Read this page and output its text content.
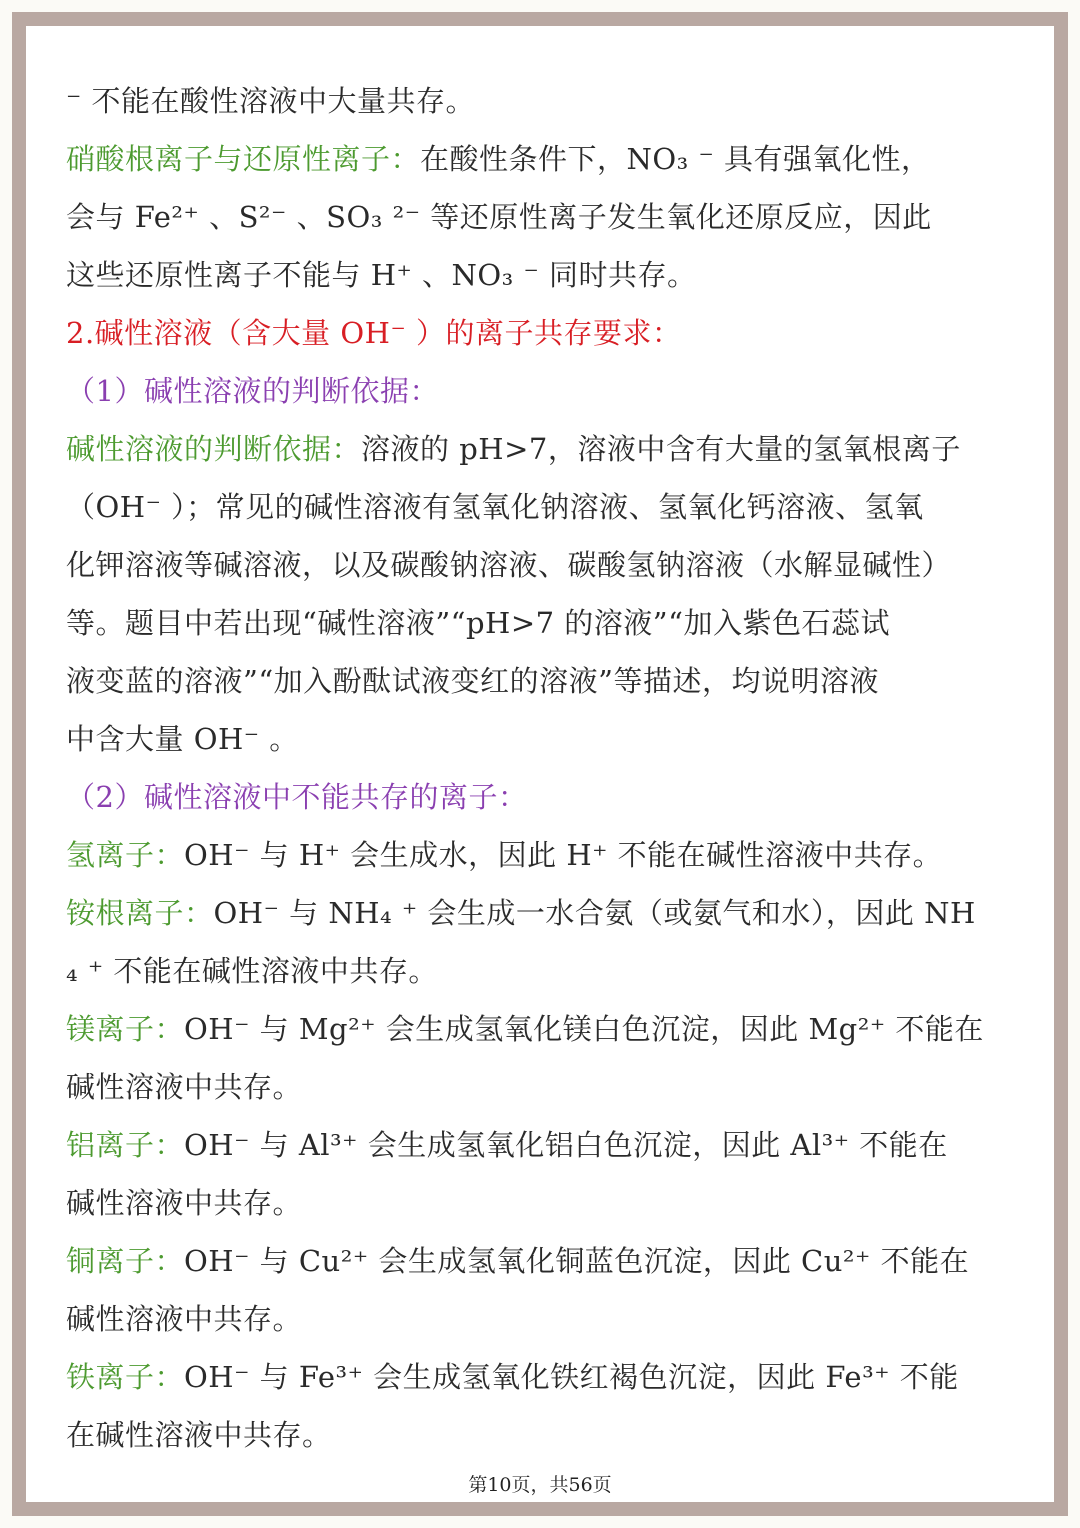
⁻ 不能在酸性溶液中大量共存。
硝酸根离子与还原性离子：在酸性条件下，NO₃ ⁻ 具有强氧化性，
会与 Fe²⁺ 、S²⁻ 、SO₃ ²⁻ 等还原性离子发生氧化还原反应，因此
这些还原性离子不能与 H⁺ 、NO₃ ⁻ 同时共存。
2.碱性溶液（含大量 OH⁻ ）的离子共存要求：
（1）碱性溶液的判断依据：
碱性溶液的判断依据：溶液的 pH>7，溶液中含有大量的氢氧根离子
（OH⁻ ）；常见的碱性溶液有氢氧化钠溶液、氢氧化钙溶液、氢氧
化钾溶液等碱溶液，以及碳酸钠溶液、碳酸氢钠溶液（水解显碱性）
等。题目中若出现“碱性溶液”“pH>7 的溶液”“加入紫色石蕊试
液变蓝的溶液”“加入酚酞试液变红的溶液”等描述，均说明溶液
中含大量 OH⁻ 。
（2）碱性溶液中不能共存的离子：
氢离子：OH⁻ 与 H⁺ 会生成水，因此 H⁺ 不能在碱性溶液中共存。
铵根离子：OH⁻ 与 NH₄ ⁺ 会生成一水合氨（或氨气和水），因此 NH
₄ ⁺ 不能在碱性溶液中共存。
镁离子：OH⁻ 与 Mg²⁺ 会生成氢氧化镁白色沉淀，因此 Mg²⁺ 不能在
碱性溶液中共存。
铝离子：OH⁻ 与 Al³⁺ 会生成氢氧化铝白色沉淀，因此 Al³⁺ 不能在
碱性溶液中共存。
铜离子：OH⁻ 与 Cu²⁺ 会生成氢氧化铜蓝色沉淀，因此 Cu²⁺ 不能在
碱性溶液中共存。
铁离子：OH⁻ 与 Fe³⁺ 会生成氢氧化铁红褐色沉淀，因此 Fe³⁺ 不能
在碱性溶液中共存。
第10页，共56页
